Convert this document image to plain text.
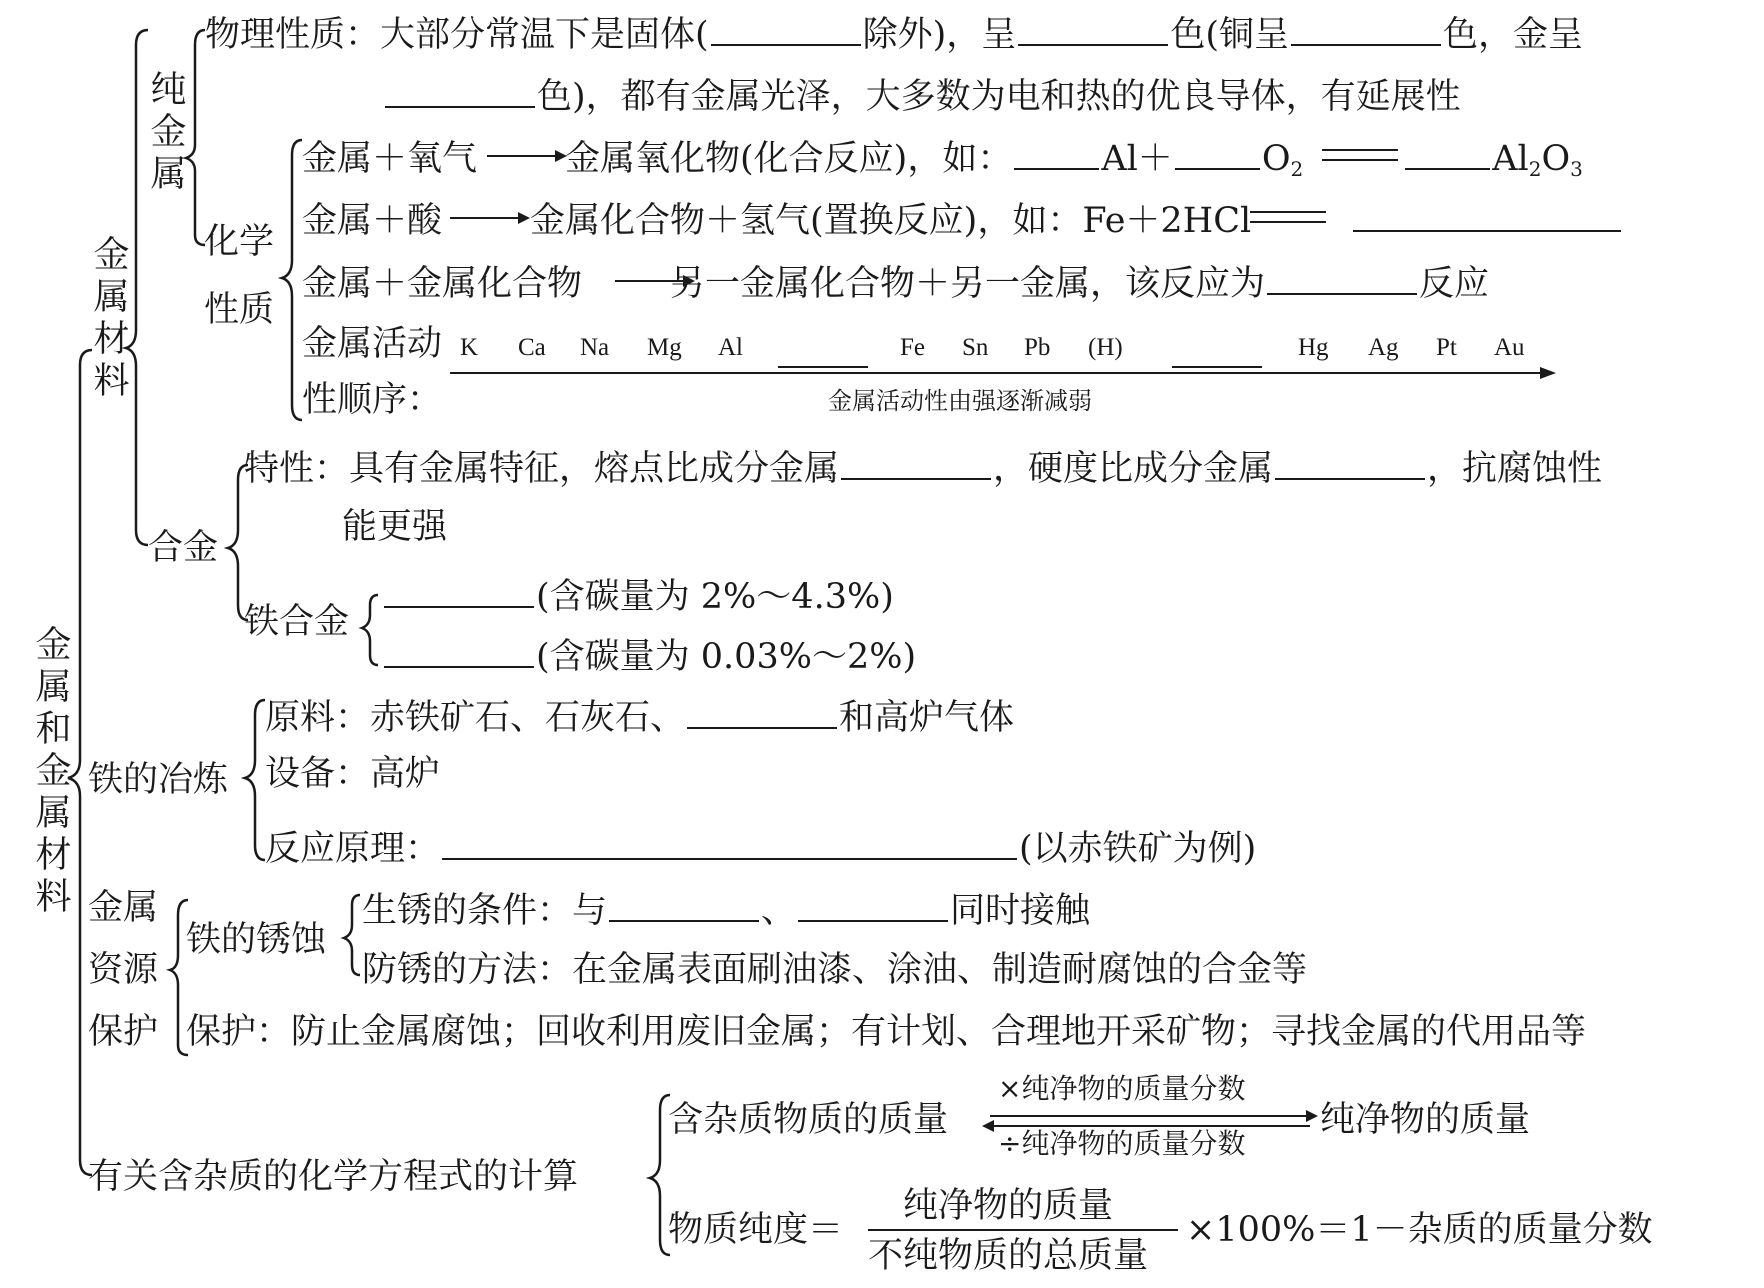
金属和金属材料
金属材料
纯金属
化学
性质
物理性质：大部分常温下是固体(	除外)，呈	色(铜呈	色，金呈
色)，都有金属光泽，大多数为电和热的优良导体，有延展性
金属＋氧气	金属氧化物(化合反应)，如：	Al＋	$O_2$	$Al_2O_3$
金属＋酸	金属化合物＋氢气(置换反应)，如：Fe＋2HCl
金属＋金属化合物	另一金属化合物＋另一金属，该反应为	反应
金属活动
性顺序：
K Ca Na Mg Al	Fe Sn Pb (H)	Hg Ag Pt Au
金属活动性由强逐渐减弱
特性：具有金属特征，熔点比成分金属	，硬度比成分金属	，抗腐蚀性
能更强
合金
铁合金
(含碳量为 2%～4.3%)
(含碳量为 0.03%～2%)
铁的冶炼
原料：赤铁矿石、石灰石、	和高炉气体
设备：高炉
反应原理：	(以赤铁矿为例)
金属
资源
保护
铁的锈蚀
生锈的条件：与	、	同时接触
防锈的方法：在金属表面刷油漆、涂油、制造耐腐蚀的合金等
保护：防止金属腐蚀；回收利用废旧金属；有计划、合理地开采矿物；寻找金属的代用品等
有关含杂质的化学方程式的计算
含杂质物质的质量
×纯净物的质量分数
÷纯净物的质量分数
纯净物的质量
物质纯度＝
纯净物的质量
不纯物质的总质量
×100%＝1－杂质的质量分数
